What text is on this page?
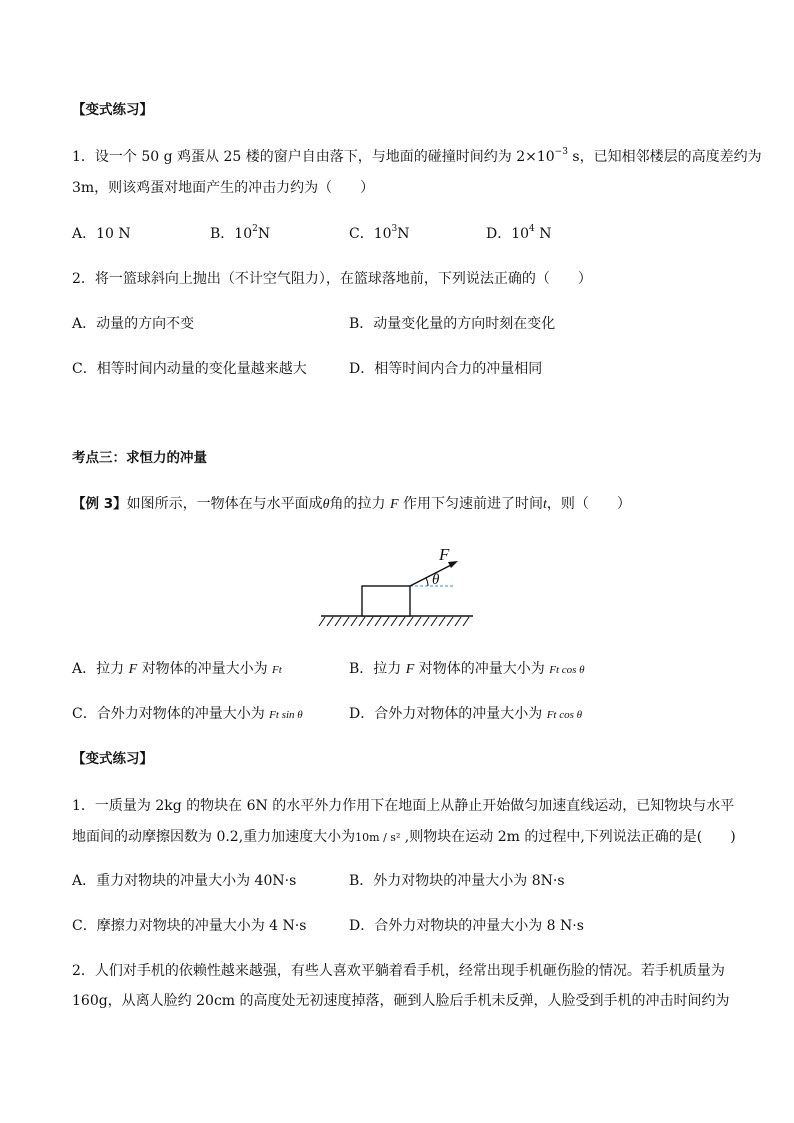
【变式练习】
1．设一个 50 g 鸡蛋从 25 楼的窗户自由落下，与地面的碰撞时间约为 $2\times 10^{-3}$ s，已知相邻楼层的高度差约为
3m，则该鸡蛋对地面产生的冲击力约为（　　）
A．10 N	B．$10^2N$	C．$10^3N$	D．$10^4$ N
2．将一篮球斜向上抛出（不计空气阻力），在篮球落地前，下列说法正确的（　　）
A．动量的方向不变	B．动量变化量的方向时刻在变化
C．相等时间内动量的变化量越来越大	D．相等时间内合力的冲量相同
考点三：求恒力的冲量
【例 3】如图所示，一物体在与水平面成θ角的拉力 F 作用下匀速前进了时间t，则（　　）
F
θ
A．拉力 F 对物体的冲量大小为 Ft	B．拉力 F 对物体的冲量大小为 Ft cos θ
C．合外力对物体的冲量大小为 Ft sin θ	D．合外力对物体的冲量大小为 Ft cos θ
【变式练习】
1．一质量为 2kg 的物块在 6N 的水平外力作用下在地面上从静止开始做匀加速直线运动，已知物块与水平
地面间的动摩擦因数为 0.2,重力加速度大小为10m / s² ,则物块在运动 2m 的过程中,下列说法正确的是(　　)
A．重力对物块的冲量大小为 40N·s	B．外力对物块的冲量大小为 8N·s
C．摩擦力对物块的冲量大小为 4 N·s	D．合外力对物块的冲量大小为 8 N·s
2．人们对手机的依赖性越来越强，有些人喜欢平躺着看手机，经常出现手机砸伤脸的情况。若手机质量为
160g，从离人脸约 20cm 的高度处无初速度掉落，砸到人脸后手机未反弹，人脸受到手机的冲击时间约为
